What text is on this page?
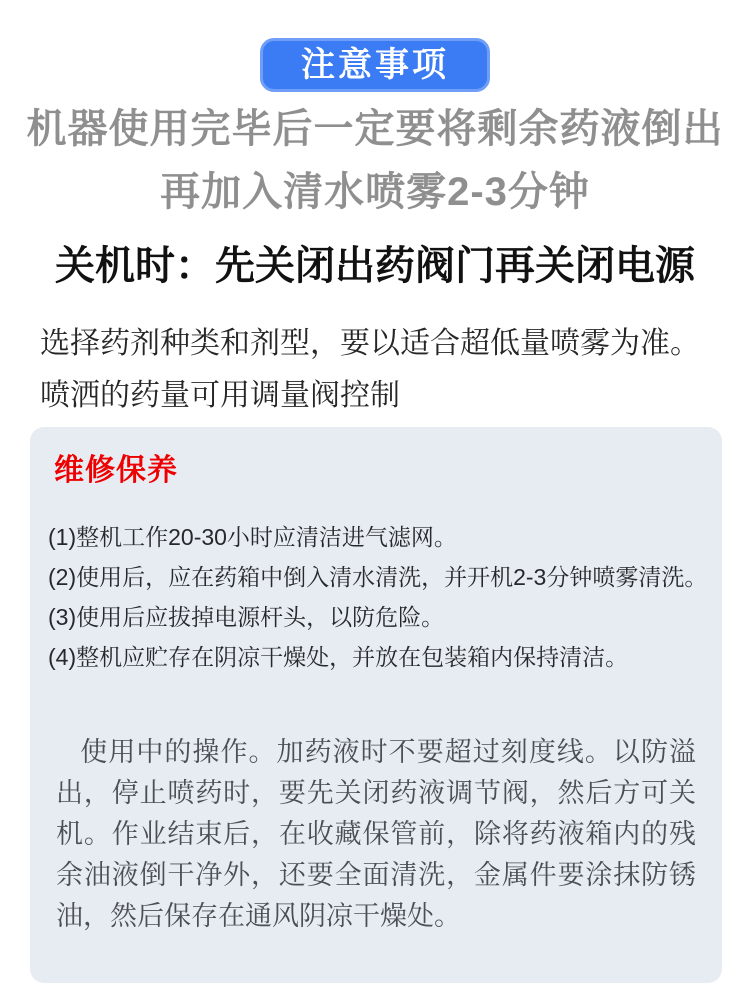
注意事项
机器使用完毕后一定要将剩余药液倒出
再加入清水喷雾2-3分钟
关机时：先关闭出药阀门再关闭电源
选择药剂种类和剂型，要以适合超低量喷雾为准。
喷洒的药量可用调量阀控制
维修保养
(1)整机工作20-30小时应清洁进气滤网。
(2)使用后，应在药箱中倒入清水清洗，并开机2-3分钟喷雾清洗。
(3)使用后应拔掉电源杆头，以防危险。
(4)整机应贮存在阴凉干燥处，并放在包装箱内保持清洁。
使用中的操作。加药液时不要超过刻度线。以防溢出，停止喷药时，要先关闭药液调节阀，然后方可关机。作业结束后，在收藏保管前，除将药液箱内的残余油液倒干净外，还要全面清洗，金属件要涂抹防锈油，然后保存在通风阴凉干燥处。
